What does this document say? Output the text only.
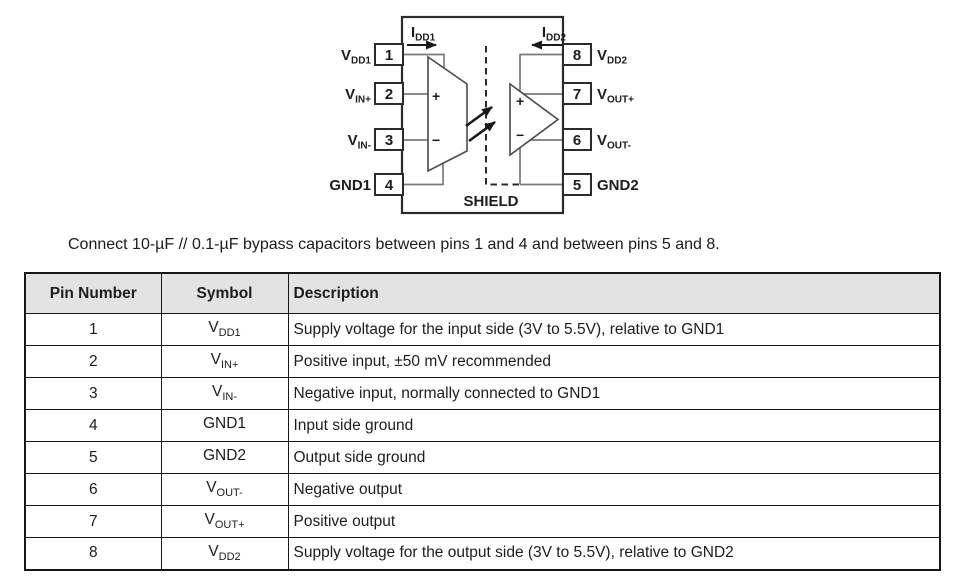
+
−
+
−
$I_{DD1}$	$I_{DD2}$
SHIELD
1
2
3
4
$V_{DD1}$
$V_{IN+}$
$V_{IN-}$
GND1
8
7
6
5
$V_{DD2}$
$V_{OUT+}$
$V_{OUT-}$
GND2
Connect 10-µF // 0.1-µF bypass capacitors between pins 1 and 4 and between pins 5 and 8.
Pin Number	Symbol	Description
1	$V_{DD1}$	Supply voltage for the input side (3V to 5.5V), relative to GND1
2	$V_{IN+}$	Positive input, ±50 mV recommended
3	$V_{IN-}$	Negative input, normally connected to GND1
4	GND1	Input side ground
5	GND2	Output side ground
6	$V_{OUT-}$	Negative output
7	$V_{OUT+}$	Positive output
8	$V_{DD2}$	Supply voltage for the output side (3V to 5.5V), relative to GND2
